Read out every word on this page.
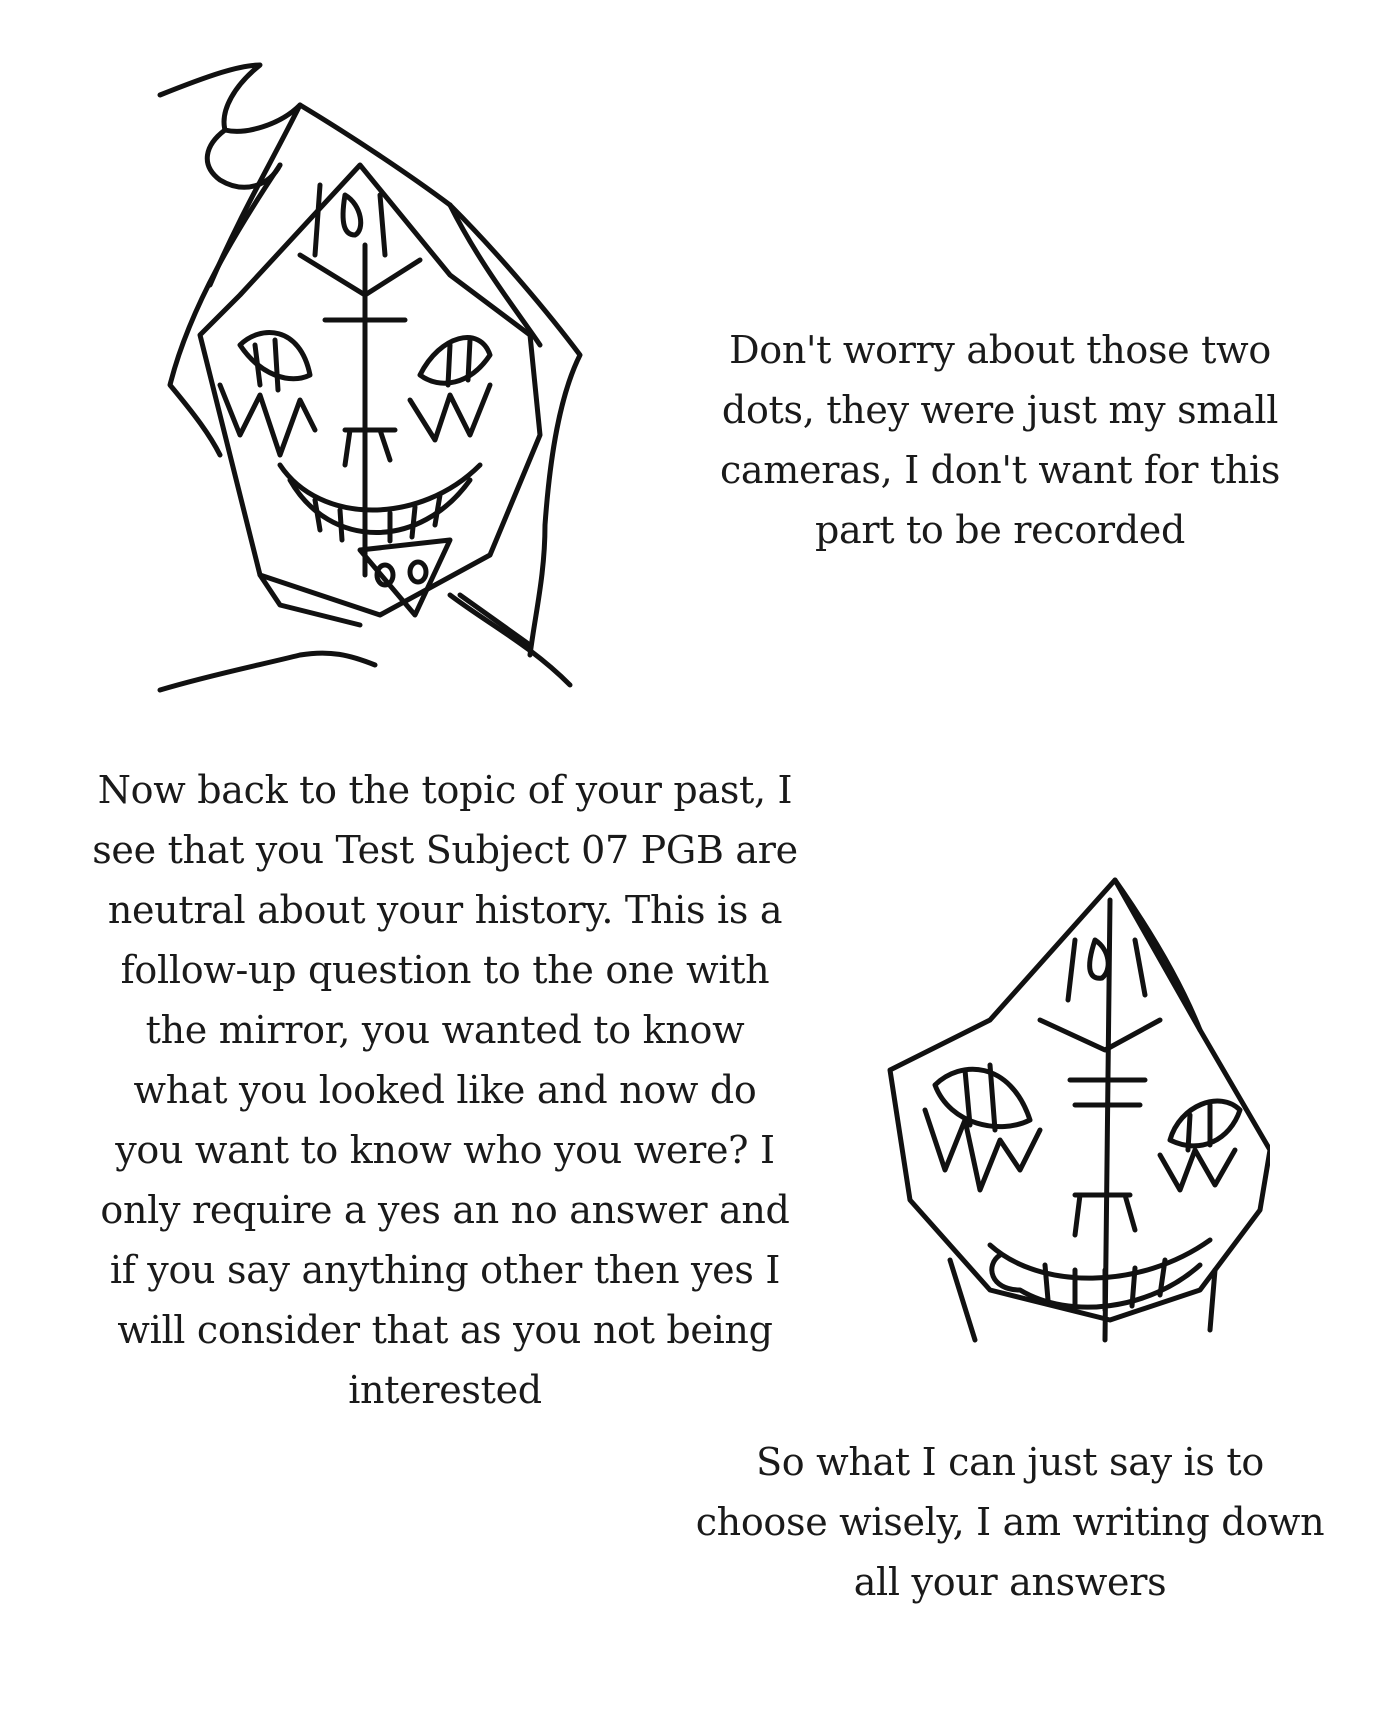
Don't worry about those two
dots, they were just my small
cameras, I don't want for this
part to be recorded
Now back to the topic of your past, I
see that you Test Subject 07 PGB are
neutral about your history. This is a
follow-up question to the one with
the mirror, you wanted to know
what you looked like and now do
you want to know who you were? I
only require a yes an no answer and
if you say anything other then yes I
will consider that as you not being
interested
So what I can just say is to
choose wisely, I am writing down
all your answers
